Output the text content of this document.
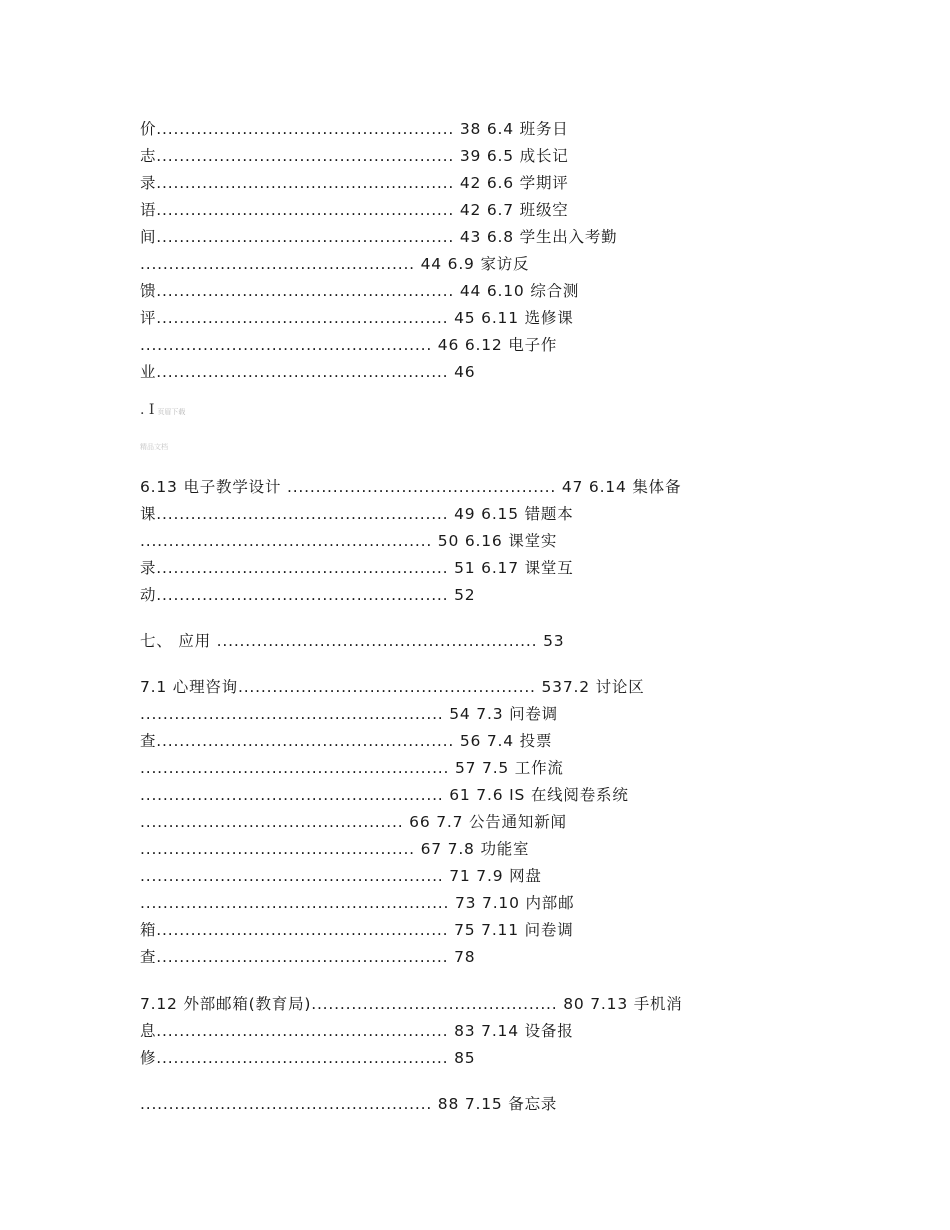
价.................................................... 38 6.4 班务日
志.................................................... 39 6.5 成长记
录.................................................... 42 6.6 学期评
语.................................................... 42 6.7 班级空
间.................................................... 43 6.8 学生出入考勤
................................................ 44 6.9 家访反
馈.................................................... 44 6.10 综合测
评................................................... 45 6.11 选修课
................................................... 46 6.12 电子作
业................................................... 46
. I 页眉下载
精品文档
6.13 电子教学设计 ............................................... 47 6.14 集体备
课................................................... 49 6.15 错题本
................................................... 50 6.16 课堂实
录................................................... 51 6.17 课堂互
动................................................... 52
七、 应用 ........................................................ 53
7.1 心理咨询.................................................... 537.2 讨论区
..................................................... 54 7.3 问卷调
查.................................................... 56 7.4 投票
...................................................... 57 7.5 工作流
..................................................... 61 7.6 IS 在线阅卷系统
.............................................. 66 7.7 公告通知新闻
................................................ 67 7.8 功能室
..................................................... 71 7.9 网盘
...................................................... 73 7.10 内部邮
箱................................................... 75 7.11 问卷调
查................................................... 78
7.12 外部邮箱(教育局)........................................... 80 7.13 手机消
息................................................... 83 7.14 设备报
修................................................... 85
................................................... 88 7.15 备忘录
